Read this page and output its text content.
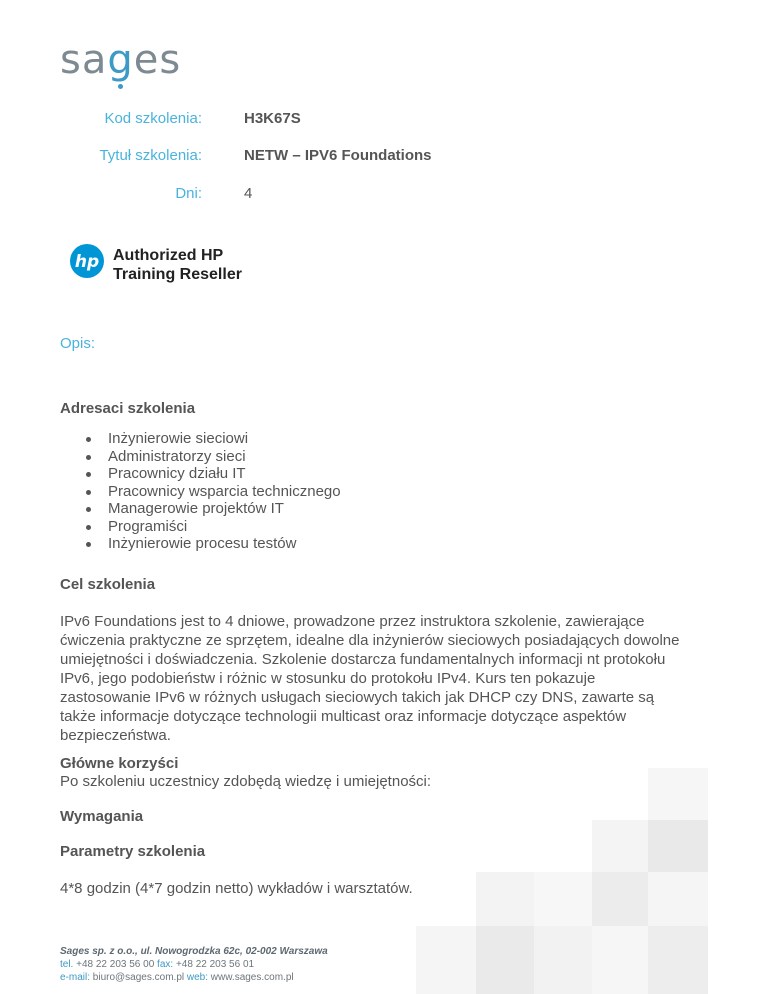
sag
es
Kod szkolenia:	H3K67S
Tytuł szkolenia:	NETW – IPV6 Foundations
Dni:	4
hp Authorized HP
Training Reseller
Opis:
Adresaci szkolenia
Inżynierowie sieciowi
Administratorzy sieci
Pracownicy działu IT
Pracownicy wsparcia technicznego
Managerowie projektów IT
Programiści
Inżynierowie procesu testów
Cel szkolenia
IPv6 Foundations jest to 4 dniowe, prowadzone przez instruktora szkolenie, zawierające
ćwiczenia praktyczne ze sprzętem, idealne dla inżynierów sieciowych posiadających dowolne
umiejętności i doświadczenia. Szkolenie dostarcza fundamentalnych informacji nt protokołu
IPv6, jego podobieństw i różnic w stosunku do protokołu IPv4. Kurs ten pokazuje
zastosowanie IPv6 w różnych usługach sieciowych takich jak DHCP czy DNS, zawarte są
także informacje dotyczące technologii multicast oraz informacje dotyczące aspektów
bezpieczeństwa.
Główne korzyści
Po szkoleniu uczestnicy zdobędą wiedzę i umiejętności:
Wymagania
Parametry szkolenia
4*8 godzin (4*7 godzin netto) wykładów i warsztatów.
Sages sp. z o.o., ul. Nowogrodzka 62c, 02-002 Warszawa
tel. +48 22 203 56 00 fax: +48 22 203 56 01
e-mail: biuro@sages.com.pl web: www.sages.com.pl
